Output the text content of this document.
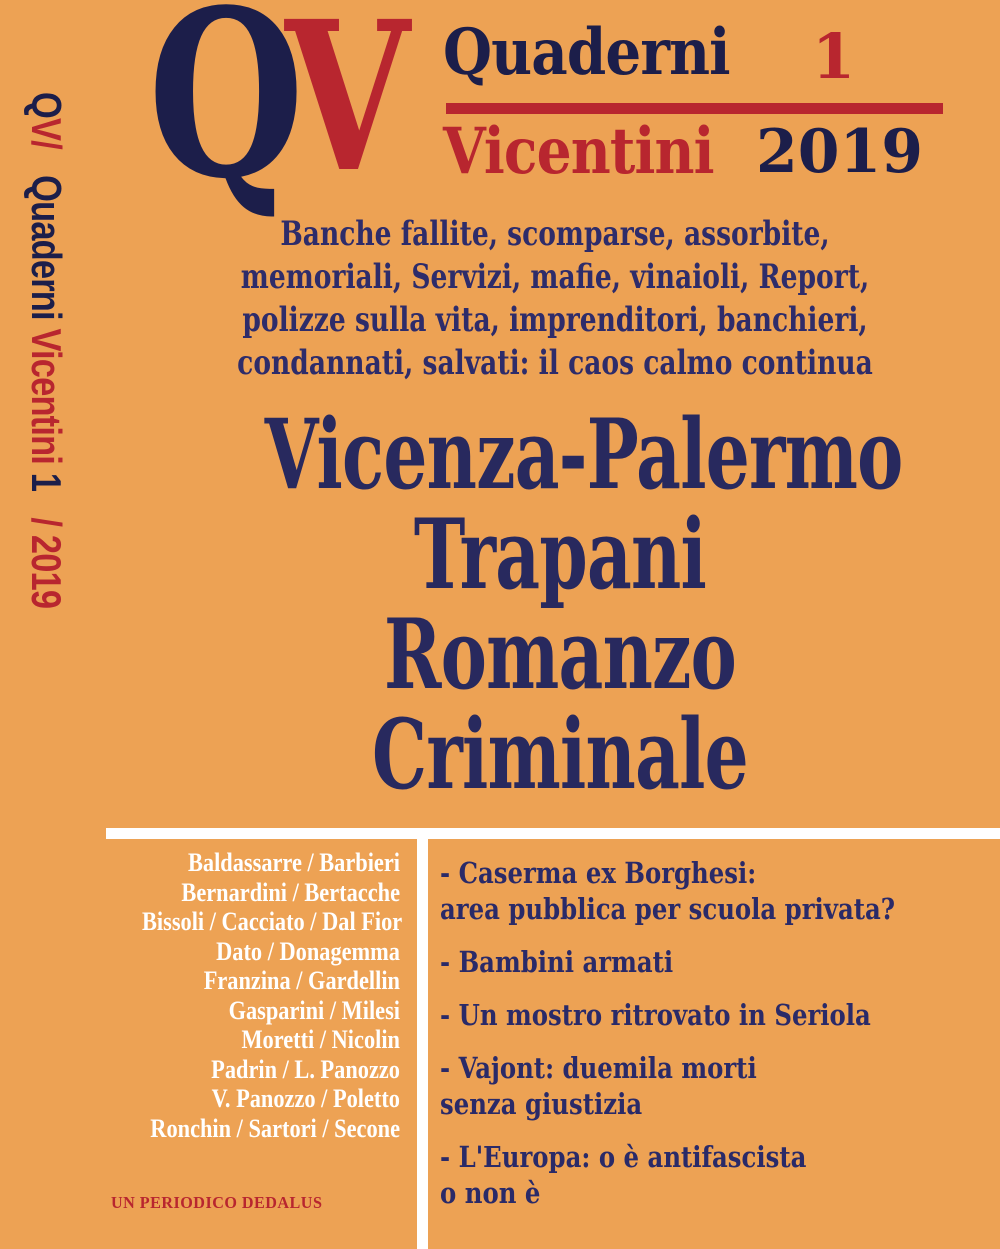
QV/   Quaderni Vicentini 1   / 2019
Q
V Quaderni 1
Vicentini 2019
Banche fallite, scomparse, assorbite,
memoriali, Servizi, mafie, vinaioli, Report,
polizze sulla vita, imprenditori, banchieri,
condannati, salvati: il caos calmo continua
Vicenza-Palermo
Trapani
Romanzo
Criminale
Baldassarre / Barbieri
Bernardini / Bertacche
Bissoli / Cacciato / Dal Fior
Dato / Donagemma
Franzina / Gardellin
Gasparini / Milesi
Moretti / Nicolin
Padrin / L. Panozzo
V. Panozzo / Poletto
Ronchin / Sartori / Secone
UN PERIODICO DEDALUS
- Caserma ex Borghesi:
area pubblica per scuola privata?
- Bambini armati
- Un mostro ritrovato in Seriola
- Vajont: duemila morti
senza giustizia
- L'Europa: o è antifascista
o non è
